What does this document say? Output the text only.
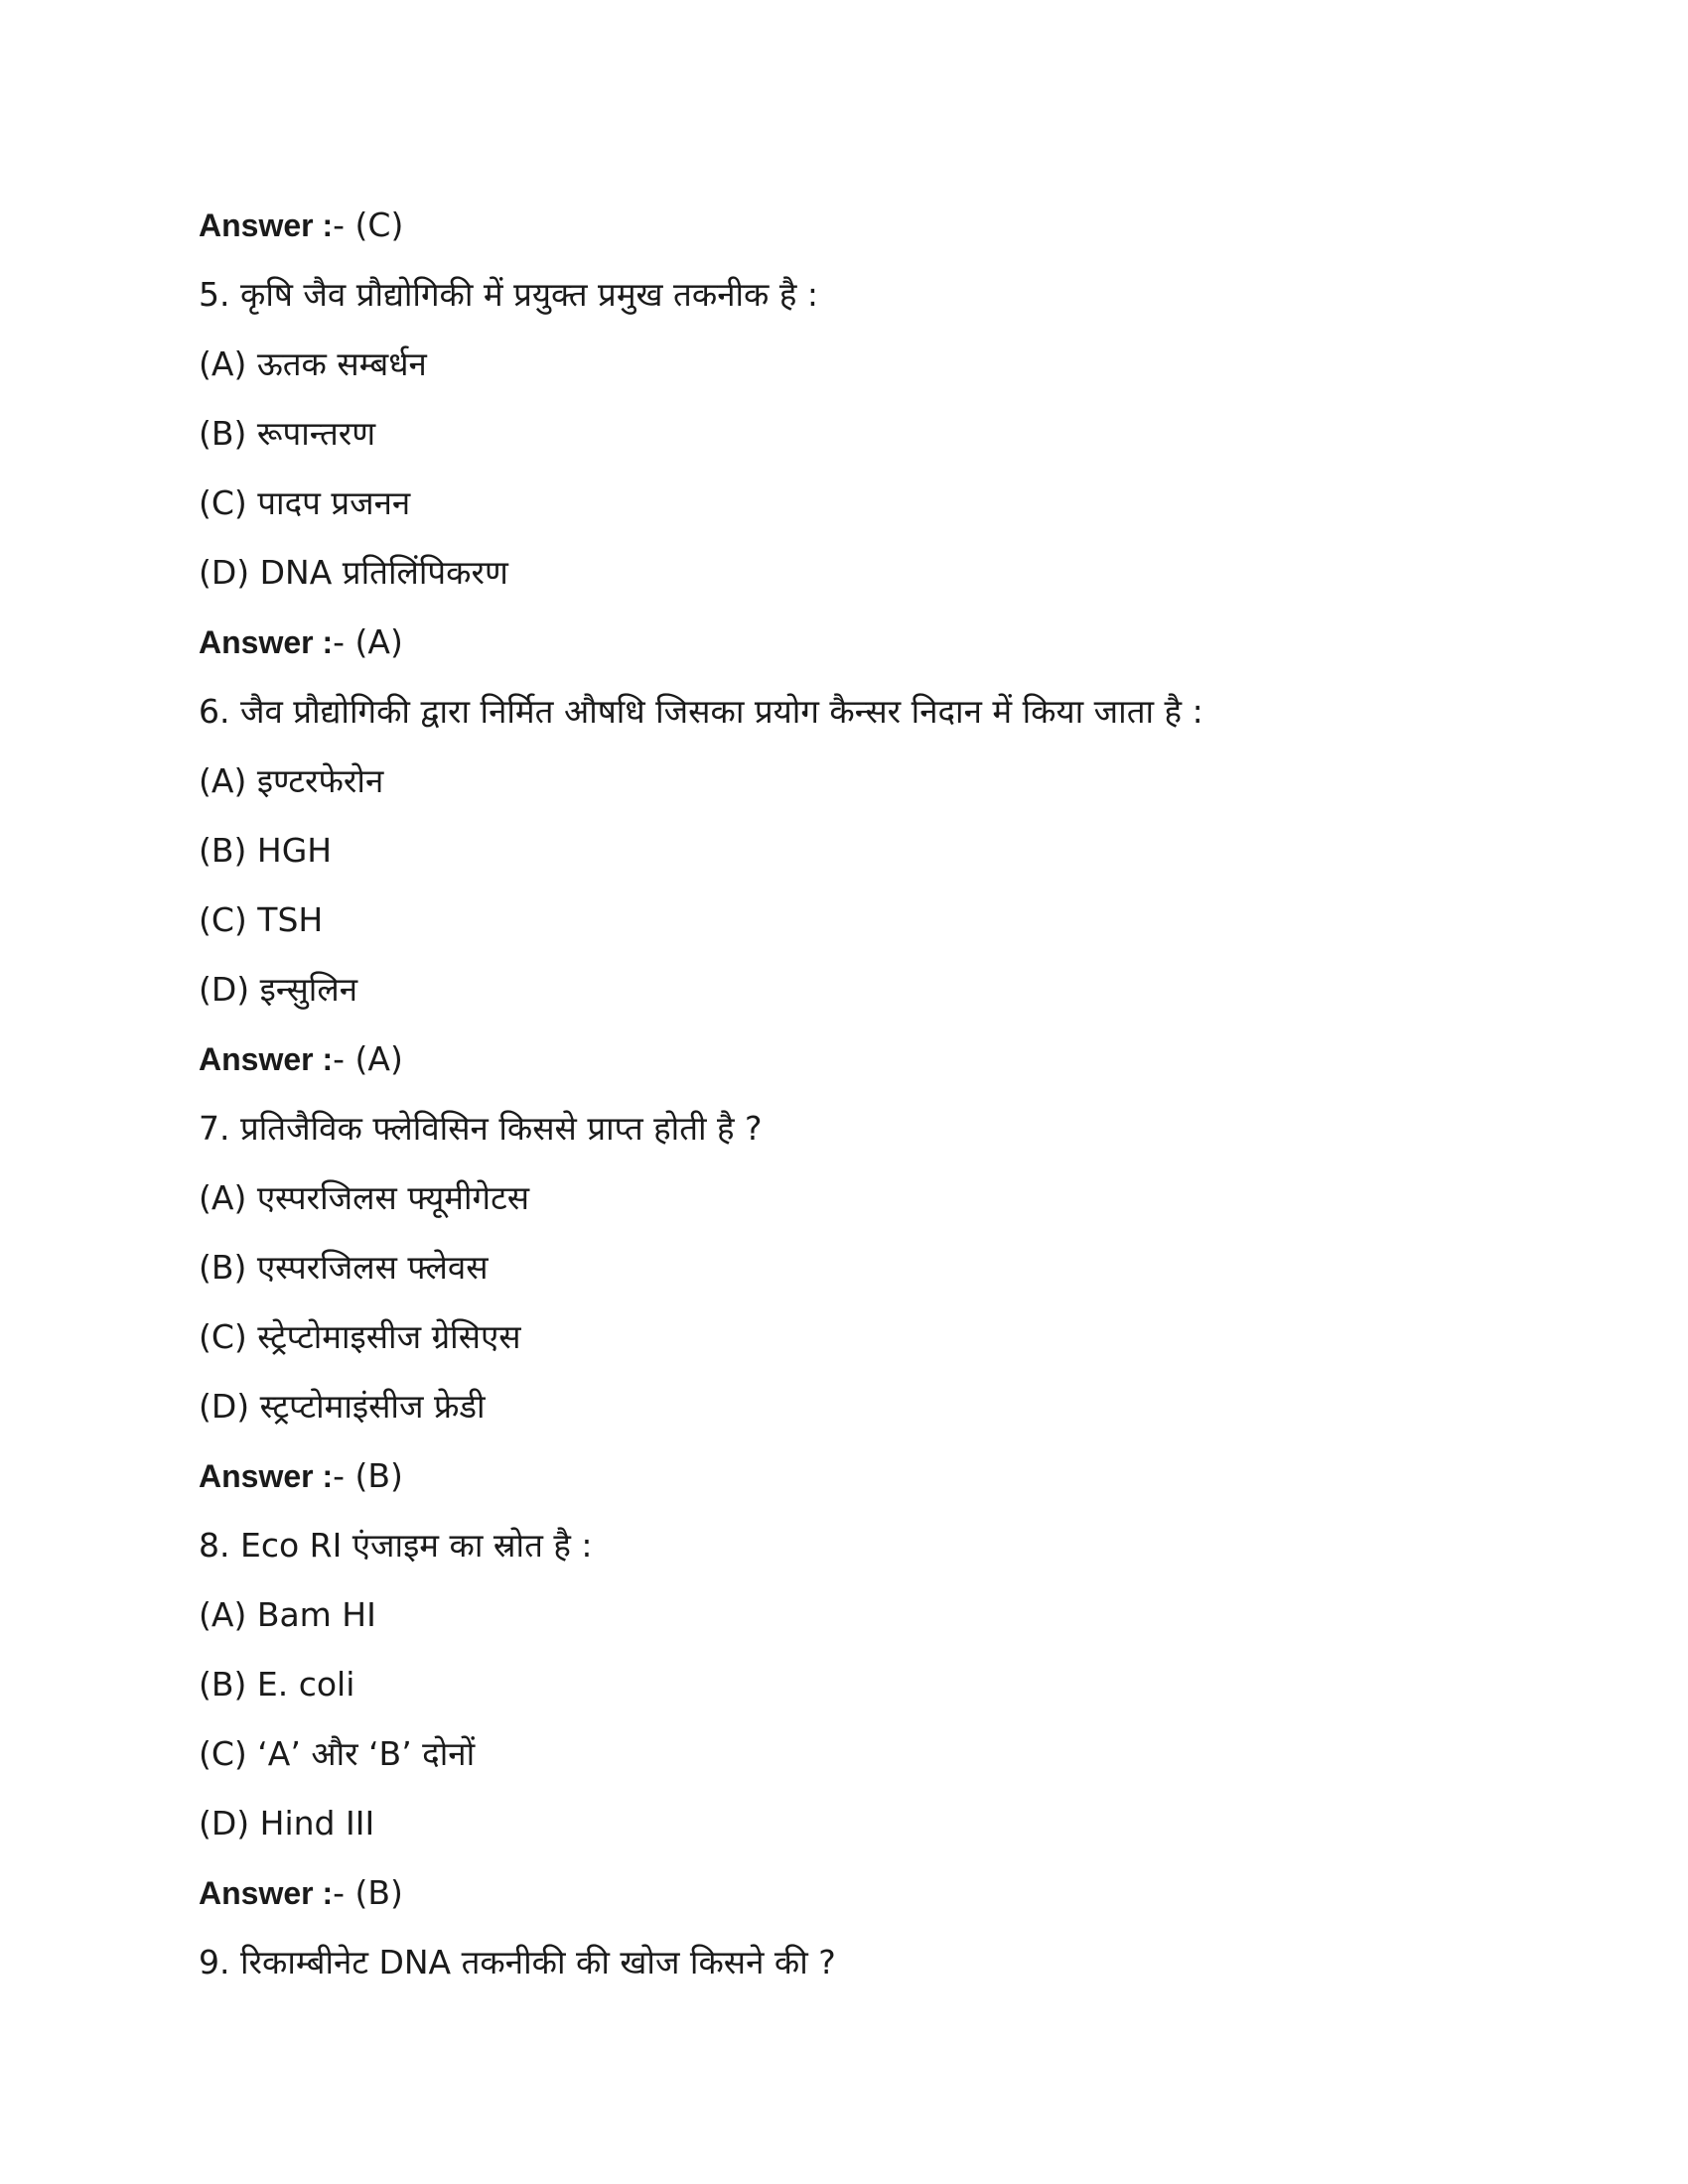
Answer :- (C)
5. कृषि जैव प्रौद्योगिकी में प्रयुक्त प्रमुख तकनीक है :
(A) ऊतक सम्बर्धन
(B) रूपान्तरण
(C) पादप प्रजनन
(D) DNA प्रतिलिंपिकरण
Answer :- (A)
6. जैव प्रौद्योगिकी द्वारा निर्मित औषधि जिसका प्रयोग कैन्सर निदान में किया जाता है :
(A) इण्टरफेरोन
(B) HGH
(C) TSH
(D) इन्सुलिन
Answer :- (A)
7. प्रतिजैविक फ्लेविसिन किससे प्राप्त होती है ?
(A) एस्परजिलस फ्यूमीगेटस
(B) एस्परजिलस फ्लेवस
(C) स्ट्रेप्टोमाइसीज ग्रेसिएस
(D) स्ट्रप्टोमाइंसीज फ्रेडी
Answer :- (B)
8. Eco RI एंजाइम का स्रोत है :
(A) Bam HI
(B) E. coli
(C) ‘A’ और ‘B’ दोनों
(D) Hind III
Answer :- (B)
9. रिकाम्बीनेट DNA तकनीकी की खोज किसने की ?
